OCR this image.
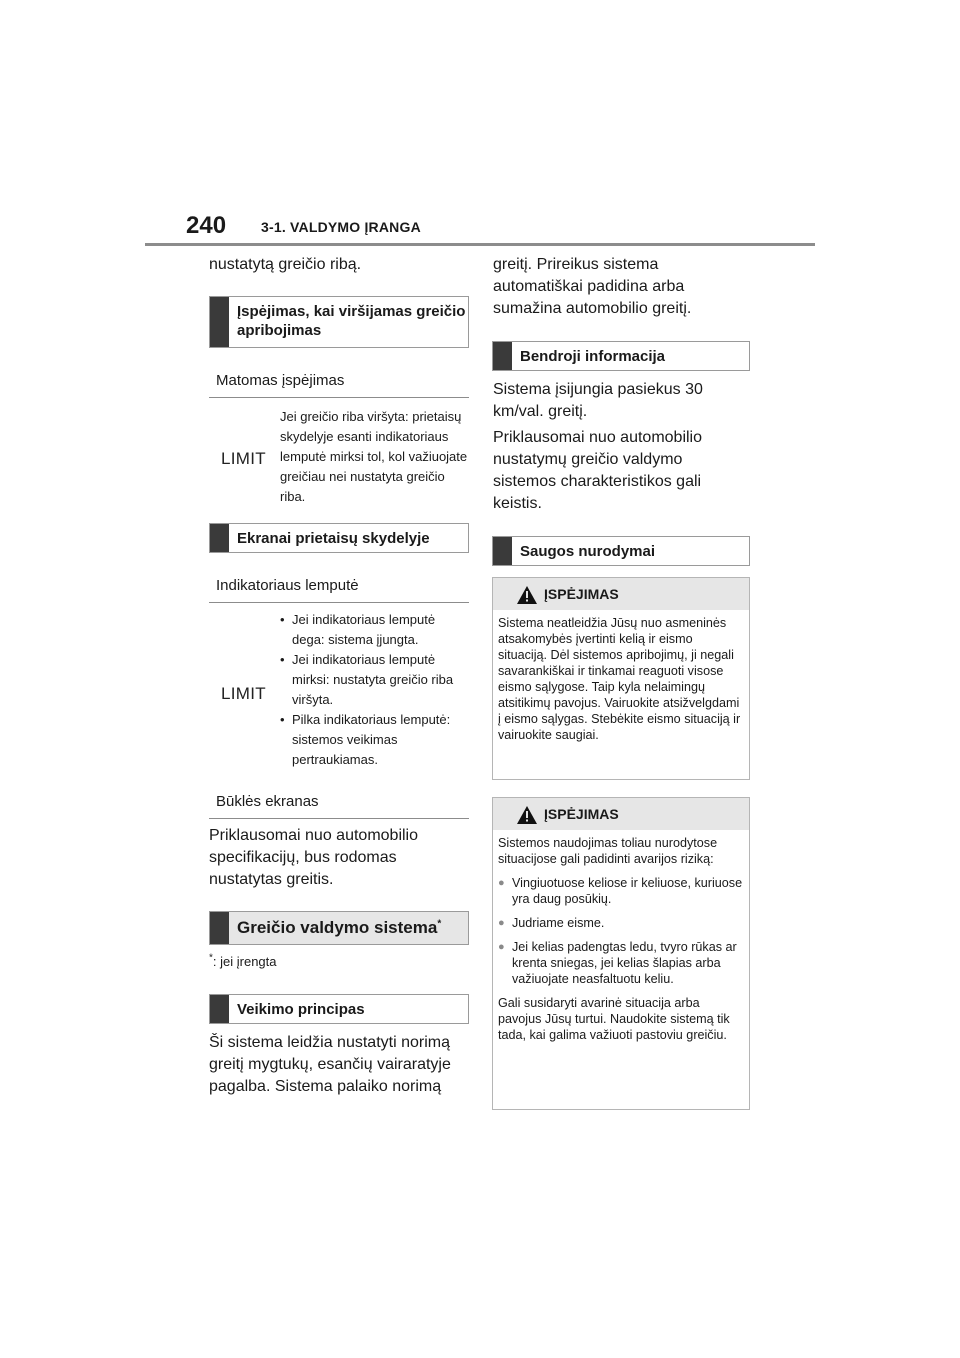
240 3-1. VALDYMO ĮRANGA
nustatytą greičio ribą.
Įspėjimas, kai viršijamas greičio apribojimas
Matomas įspėjimas
LIMIT
Jei greičio riba viršyta: prietaisų skydelyje esanti indikatoriaus lemputė mirksi tol, kol važiuojate greičiau nei nustatyta greičio riba.
Ekranai prietaisų skydelyje
Indikatoriaus lemputė
LIMIT
• Jei indikatoriaus lemputė dega: sistema įjungta.
• Jei indikatoriaus lemputė mirksi: nustatyta greičio riba viršyta.
• Pilka indikatoriaus lemputė: sistemos veikimas pertraukiamas.
Būklės ekranas
Priklausomai nuo automobilio specifikacijų, bus rodomas nustatytas greitis.
Greičio valdymo sistema*
*: jei įrengta
Veikimo principas
Ši sistema leidžia nustatyti norimą greitį mygtukų, esančių vairaratyje pagalba. Sistema palaiko norimą
greitį. Prireikus sistema automatiškai padidina arba sumažina automobilio greitį.
Bendroji informacija
Sistema įsijungia pasiekus 30 km/val. greitį.
Priklausomai nuo automobilio nustatymų greičio valdymo sistemos charakteristikos gali keistis.
Saugos nurodymai
ĮSPĖJIMAS

Sistema neatleidžia Jūsų nuo asmeninės atsakomybės įvertinti kelią ir eismo situaciją. Dėl sistemos apribojimų, ji negali savarankiškai ir tinkamai reaguoti visose eismo sąlygose. Taip kyla nelaimingų atsitikimų pavojus. Vairuokite atsižvelgdami į eismo sąlygas. Stebėkite eismo situaciją ir vairuokite saugiai.

ĮSPĖJIMAS

Sistemos naudojimas toliau nurodytose situacijose gali padidinti avarijos riziką:

● Vingiuotuose keliose ir keliuose, kuriuose yra daug posūkių.
● Judriame eisme.
● Jei kelias padengtas ledu, tvyro rūkas ar krenta sniegas, jei kelias šlapias arba važiuojate neasfaltuotu keliu.

Gali susidaryti avarinė situacija arba pavojus Jūsų turtui. Naudokite sistemą tik tada, kai galima važiuoti pastoviu greičiu.
